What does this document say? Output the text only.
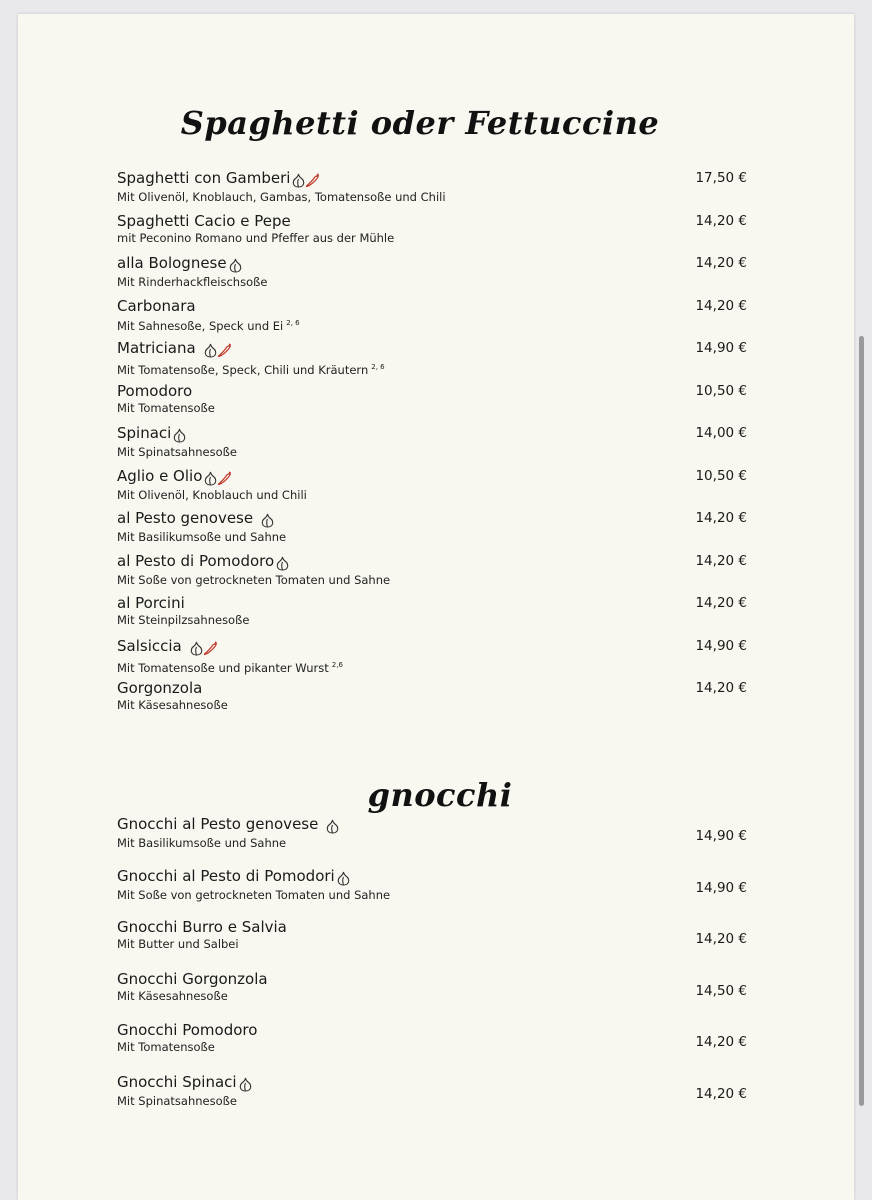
Spaghetti oder Fettuccine
Spaghetti con Gamberi
Mit Olivenöl, Knoblauch, Gambas, Tomatensoße und Chili
17,50 €
Spaghetti Cacio e Pepe
mit Peconino Romano und Pfeffer aus der Mühle
14,20 €
alla Bolognese
Mit Rinderhackfleischsoße
14,20 €
Carbonara
Mit Sahnesoße, Speck und Ei $^{2, 6}$
14,20 €
Matriciana
Mit Tomatensoße, Speck, Chili und Kräutern $^{2, 6}$
14,90 €
Pomodoro
Mit Tomatensoße
10,50 €
Spinaci
Mit Spinatsahnesoße
14,00 €
Aglio e Olio
Mit Olivenöl, Knoblauch und Chili
10,50 €
al Pesto genovese
Mit Basilikumsoße und Sahne
14,20 €
al Pesto di Pomodoro
Mit Soße von getrockneten Tomaten und Sahne
14,20 €
al Porcini
Mit Steinpilzsahnesoße
14,20 €
Salsiccia
Mit Tomatensoße und pikanter Wurst $^{2,6}$
14,90 €
Gorgonzola
Mit Käsesahnesoße
14,20 €
gnocchi
Gnocchi al Pesto genovese
Mit Basilikumsoße und Sahne	14,90 €
Gnocchi al Pesto di Pomodori
Mit Soße von getrockneten Tomaten und Sahne	14,90 €
Gnocchi Burro e Salvia
Mit Butter und Salbei	14,20 €
Gnocchi Gorgonzola
Mit Käsesahnesoße	14,50 €
Gnocchi Pomodoro
Mit Tomatensoße	14,20 €
Gnocchi Spinaci
Mit Spinatsahnesoße	14,20 €
